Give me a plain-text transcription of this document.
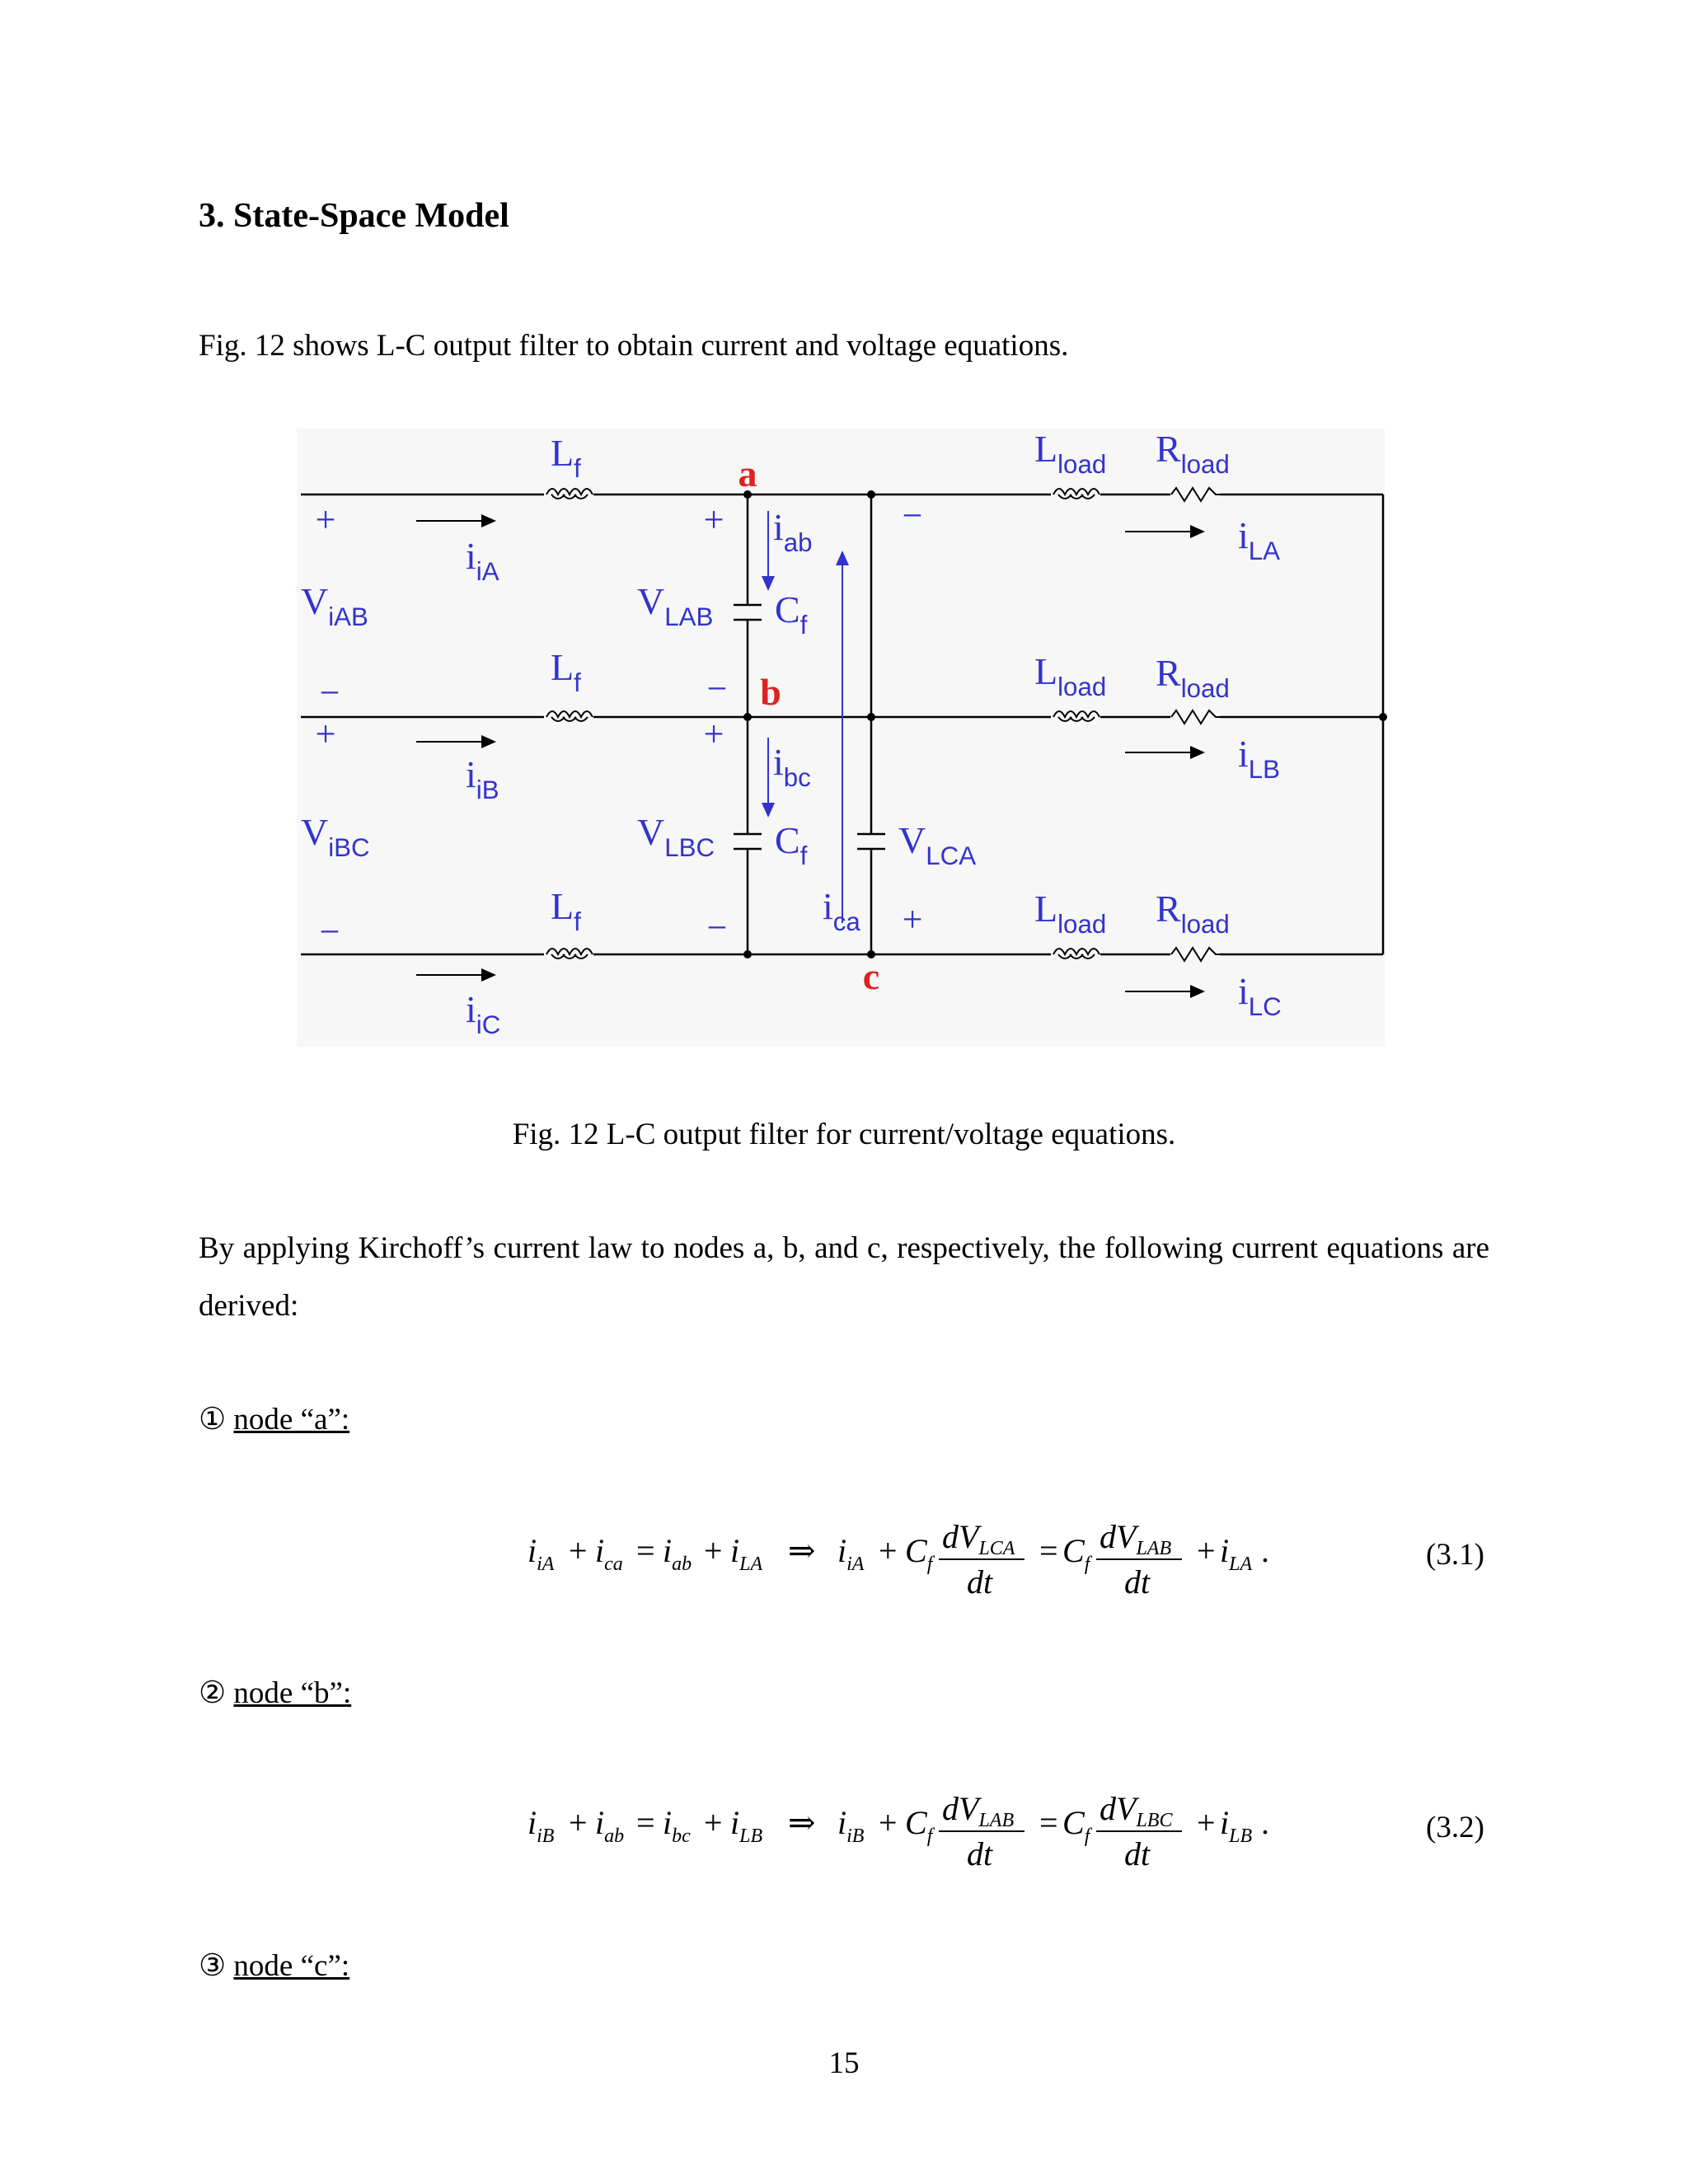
3. State-Space Model
Fig. 12 shows L-C output filter to obtain current and voltage equations.
a
b
c
$L_f$
$L_f$
$L_f$
$L_{load}$
$L_{load}$
$L_{load}$
$R_{load}$
$R_{load}$
$R_{load}$
$V_{iAB}$
$V_{iBC}$
+
−
+
−
$i_{iA}$
$i_{iB}$
$i_{iC}$
$V_{LAB}$
$V_{LBC}$	$V_{LCA}$
+
−
+
−
−
+
$C_f$
$C_f$
$i_{ab}$
$i_{bc}$
$i_{ca}$
$i_{LA}$
$i_{LB}$
$i_{LC}$
Fig. 12 L-C output filter for current/voltage equations.
By applying Kirchoff’s current law to nodes a, b, and c, respectively, the following current equations are derived:
① node “a”:
$i_{iA} + i_{ca} = i_{ab} + i_{LA}$ ⇒ $i_{iA} + C_f$
$dV_{LCA}$
dt
= $C_f$
$dV_{LAB}$
dt
+ $i_{LA}$ .	(3.1)
② node “b”:
$i_{iB} + i_{ab} = i_{bc} + i_{LB}$ ⇒ $i_{iB} + C_f$
$dV_{LAB}$
dt
= $C_f$
$dV_{LBC}$
dt
+ $i_{LB}$ .	(3.2)
③ node “c”:
15
